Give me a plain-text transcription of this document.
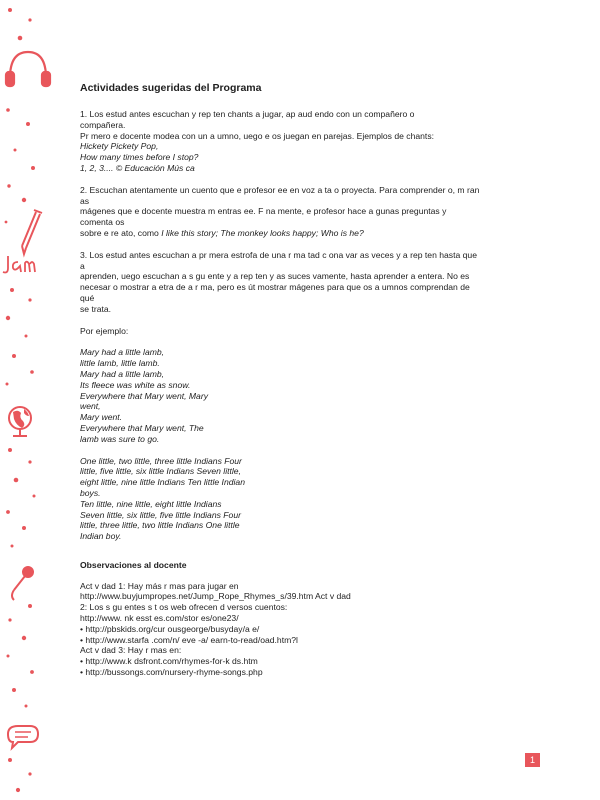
Actividades sugeridas del Programa

1. Los estud antes escuchan y rep ten chants a jugar, ap aud endo con un compañero o

compañera.

Pr mero e docente modea con un a umno, uego e os juegan en parejas. Ejemplos de chants:

Hickety Pickety Pop,

How many times before I stop?

1, 2, 3.... © Educación Mús ca

2. Escuchan atentamente un cuento que e profesor ee en voz a ta o proyecta. Para comprender o, m ran as

mágenes que e docente muestra m entras ee. F na mente, e profesor hace a gunas preguntas y comenta os

sobre e re ato, como I like this story; The monkey looks happy; Who is he?

3. Los estud antes escuchan a pr mera estrofa de una r ma tad c ona var as veces y a rep ten hasta que a

aprenden, uego escuchan a s gu ente y a rep ten y as suces vamente, hasta aprender a entera. No es

necesar o mostrar a etra de a r ma, pero es út mostrar mágenes para que os a umnos comprendan de qué

se trata.

Por ejemplo:

Mary had a little lamb,

little lamb, little lamb.

Mary had a little lamb,

Its fleece was white as snow.

Everywhere that Mary went, Mary

went,

Mary went.

Everywhere that Mary went, The

lamb was sure to go.

One little, two little, three little Indians Four

little, five little, six little Indians Seven little,

eight little, nine little Indians Ten little Indian

boys.

Ten little, nine little, eight little Indians

Seven little, six little, five little Indians Four

little, three little, two little Indians One little

Indian boy.

Observaciones al docente

Act v dad 1: Hay más r mas para jugar en

http://www.buyjumpropes.net/Jump_Rope_Rhymes_s/39.htm Act v dad

2: Los s gu entes s t os web ofrecen d versos cuentos:

http://www. nk esst es.com/stor es/one23/

• http://pbskids.org/cur ousgeorge/busyday/a e/

• http://www.starfa .com/n/ eve -a/ earn-to-read/oad.htm?l

Act v dad 3: Hay r mas en:

• http://www.k dsfront.com/rhymes-for-k ds.htm

• http://bussongs.com/nursery-rhyme-songs.php

1
